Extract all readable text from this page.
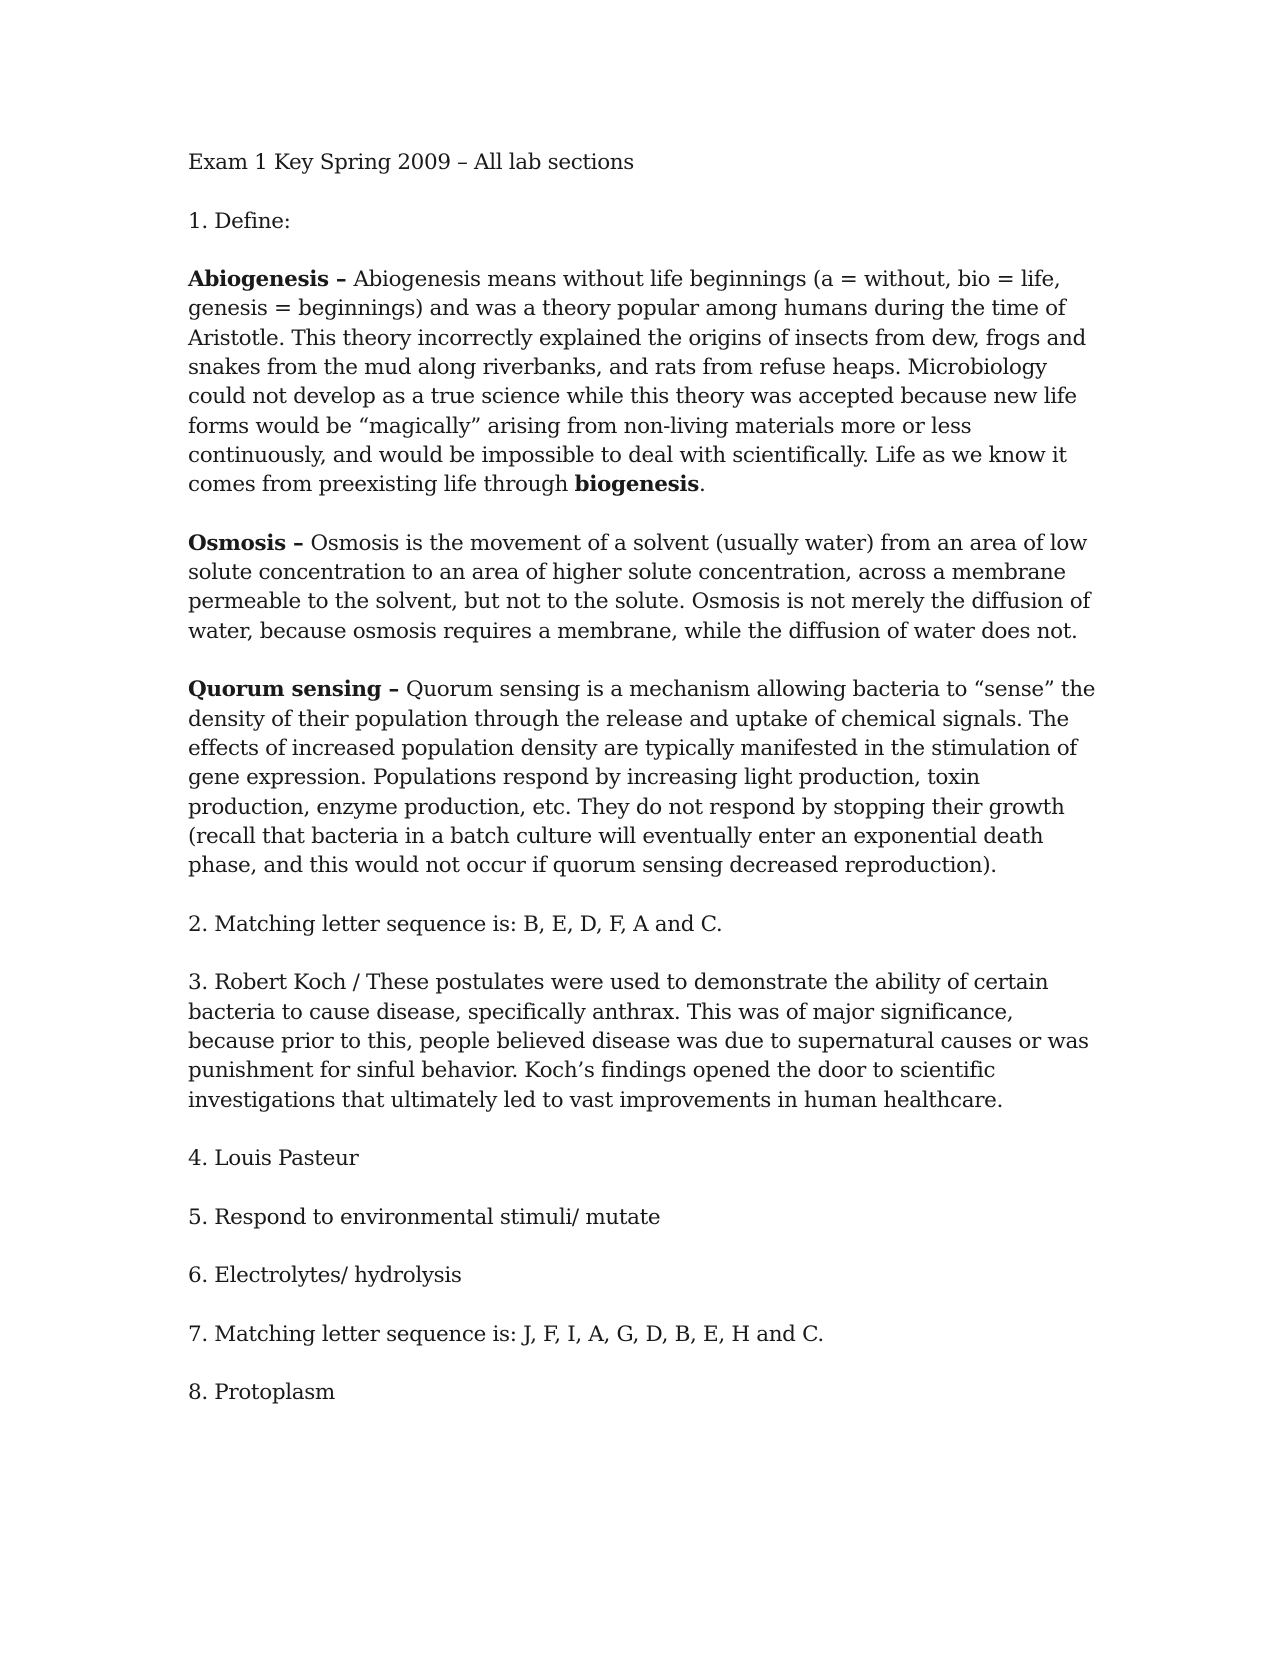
Exam 1 Key Spring 2009 – All lab sections

1. Define:

Abiogenesis – Abiogenesis means without life beginnings (a = without, bio = life, genesis = beginnings) and was a theory popular among humans during the time of Aristotle. This theory incorrectly explained the origins of insects from dew, frogs and snakes from the mud along riverbanks, and rats from refuse heaps. Microbiology could not develop as a true science while this theory was accepted because new life forms would be “magically” arising from non-living materials more or less continuously, and would be impossible to deal with scientifically. Life as we know it comes from preexisting life through biogenesis.

Osmosis – Osmosis is the movement of a solvent (usually water) from an area of low solute concentration to an area of higher solute concentration, across a membrane permeable to the solvent, but not to the solute. Osmosis is not merely the diffusion of water, because osmosis requires a membrane, while the diffusion of water does not.

Quorum sensing – Quorum sensing is a mechanism allowing bacteria to “sense” the density of their population through the release and uptake of chemical signals. The effects of increased population density are typically manifested in the stimulation of gene expression. Populations respond by increasing light production, toxin production, enzyme production, etc. They do not respond by stopping their growth (recall that bacteria in a batch culture will eventually enter an exponential death phase, and this would not occur if quorum sensing decreased reproduction).

2. Matching letter sequence is: B, E, D, F, A and C.

3. Robert Koch / These postulates were used to demonstrate the ability of certain bacteria to cause disease, specifically anthrax. This was of major significance, because prior to this, people believed disease was due to supernatural causes or was punishment for sinful behavior. Koch’s findings opened the door to scientific investigations that ultimately led to vast improvements in human healthcare.

4. Louis Pasteur

5. Respond to environmental stimuli/ mutate

6. Electrolytes/ hydrolysis

7. Matching letter sequence is: J, F, I, A, G, D, B, E, H and C.

8. Protoplasm
